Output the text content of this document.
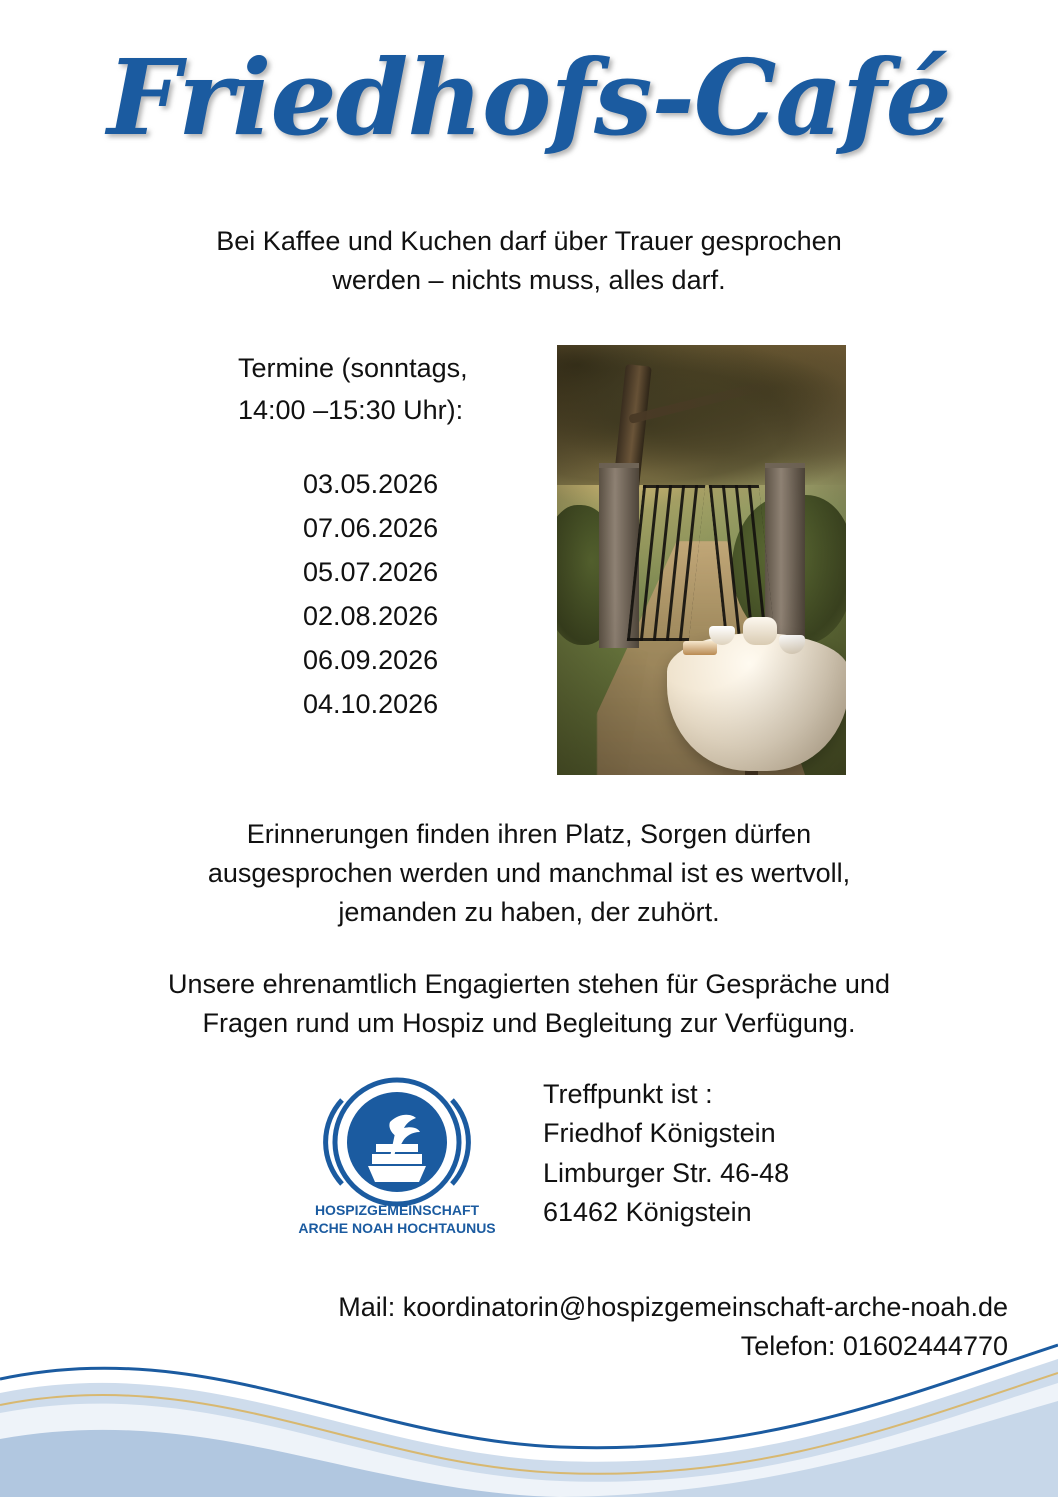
Friedhofs-Café
Bei Kaffee und Kuchen darf über Trauer gesprochen
werden – nichts muss, alles darf.
Termine (sonntags,
14:00 –15:30 Uhr):
03.05.2026
07.06.2026
05.07.2026
02.08.2026
06.09.2026
04.10.2026
Erinnerungen finden ihren Platz, Sorgen dürfen
ausgesprochen werden und manchmal ist es wertvoll,
jemanden zu haben, der zuhört.
Unsere ehrenamtlich Engagierten stehen für Gespräche und
Fragen rund um Hospiz und Begleitung zur Verfügung.
HOSPIZGEMEINSCHAFT
ARCHE NOAH HOCHTAUNUS
Treffpunkt ist :
Friedhof Königstein
Limburger Str. 46-48
61462 Königstein
Mail: koordinatorin@hospizgemeinschaft-arche-noah.de
Telefon: 01602444770
